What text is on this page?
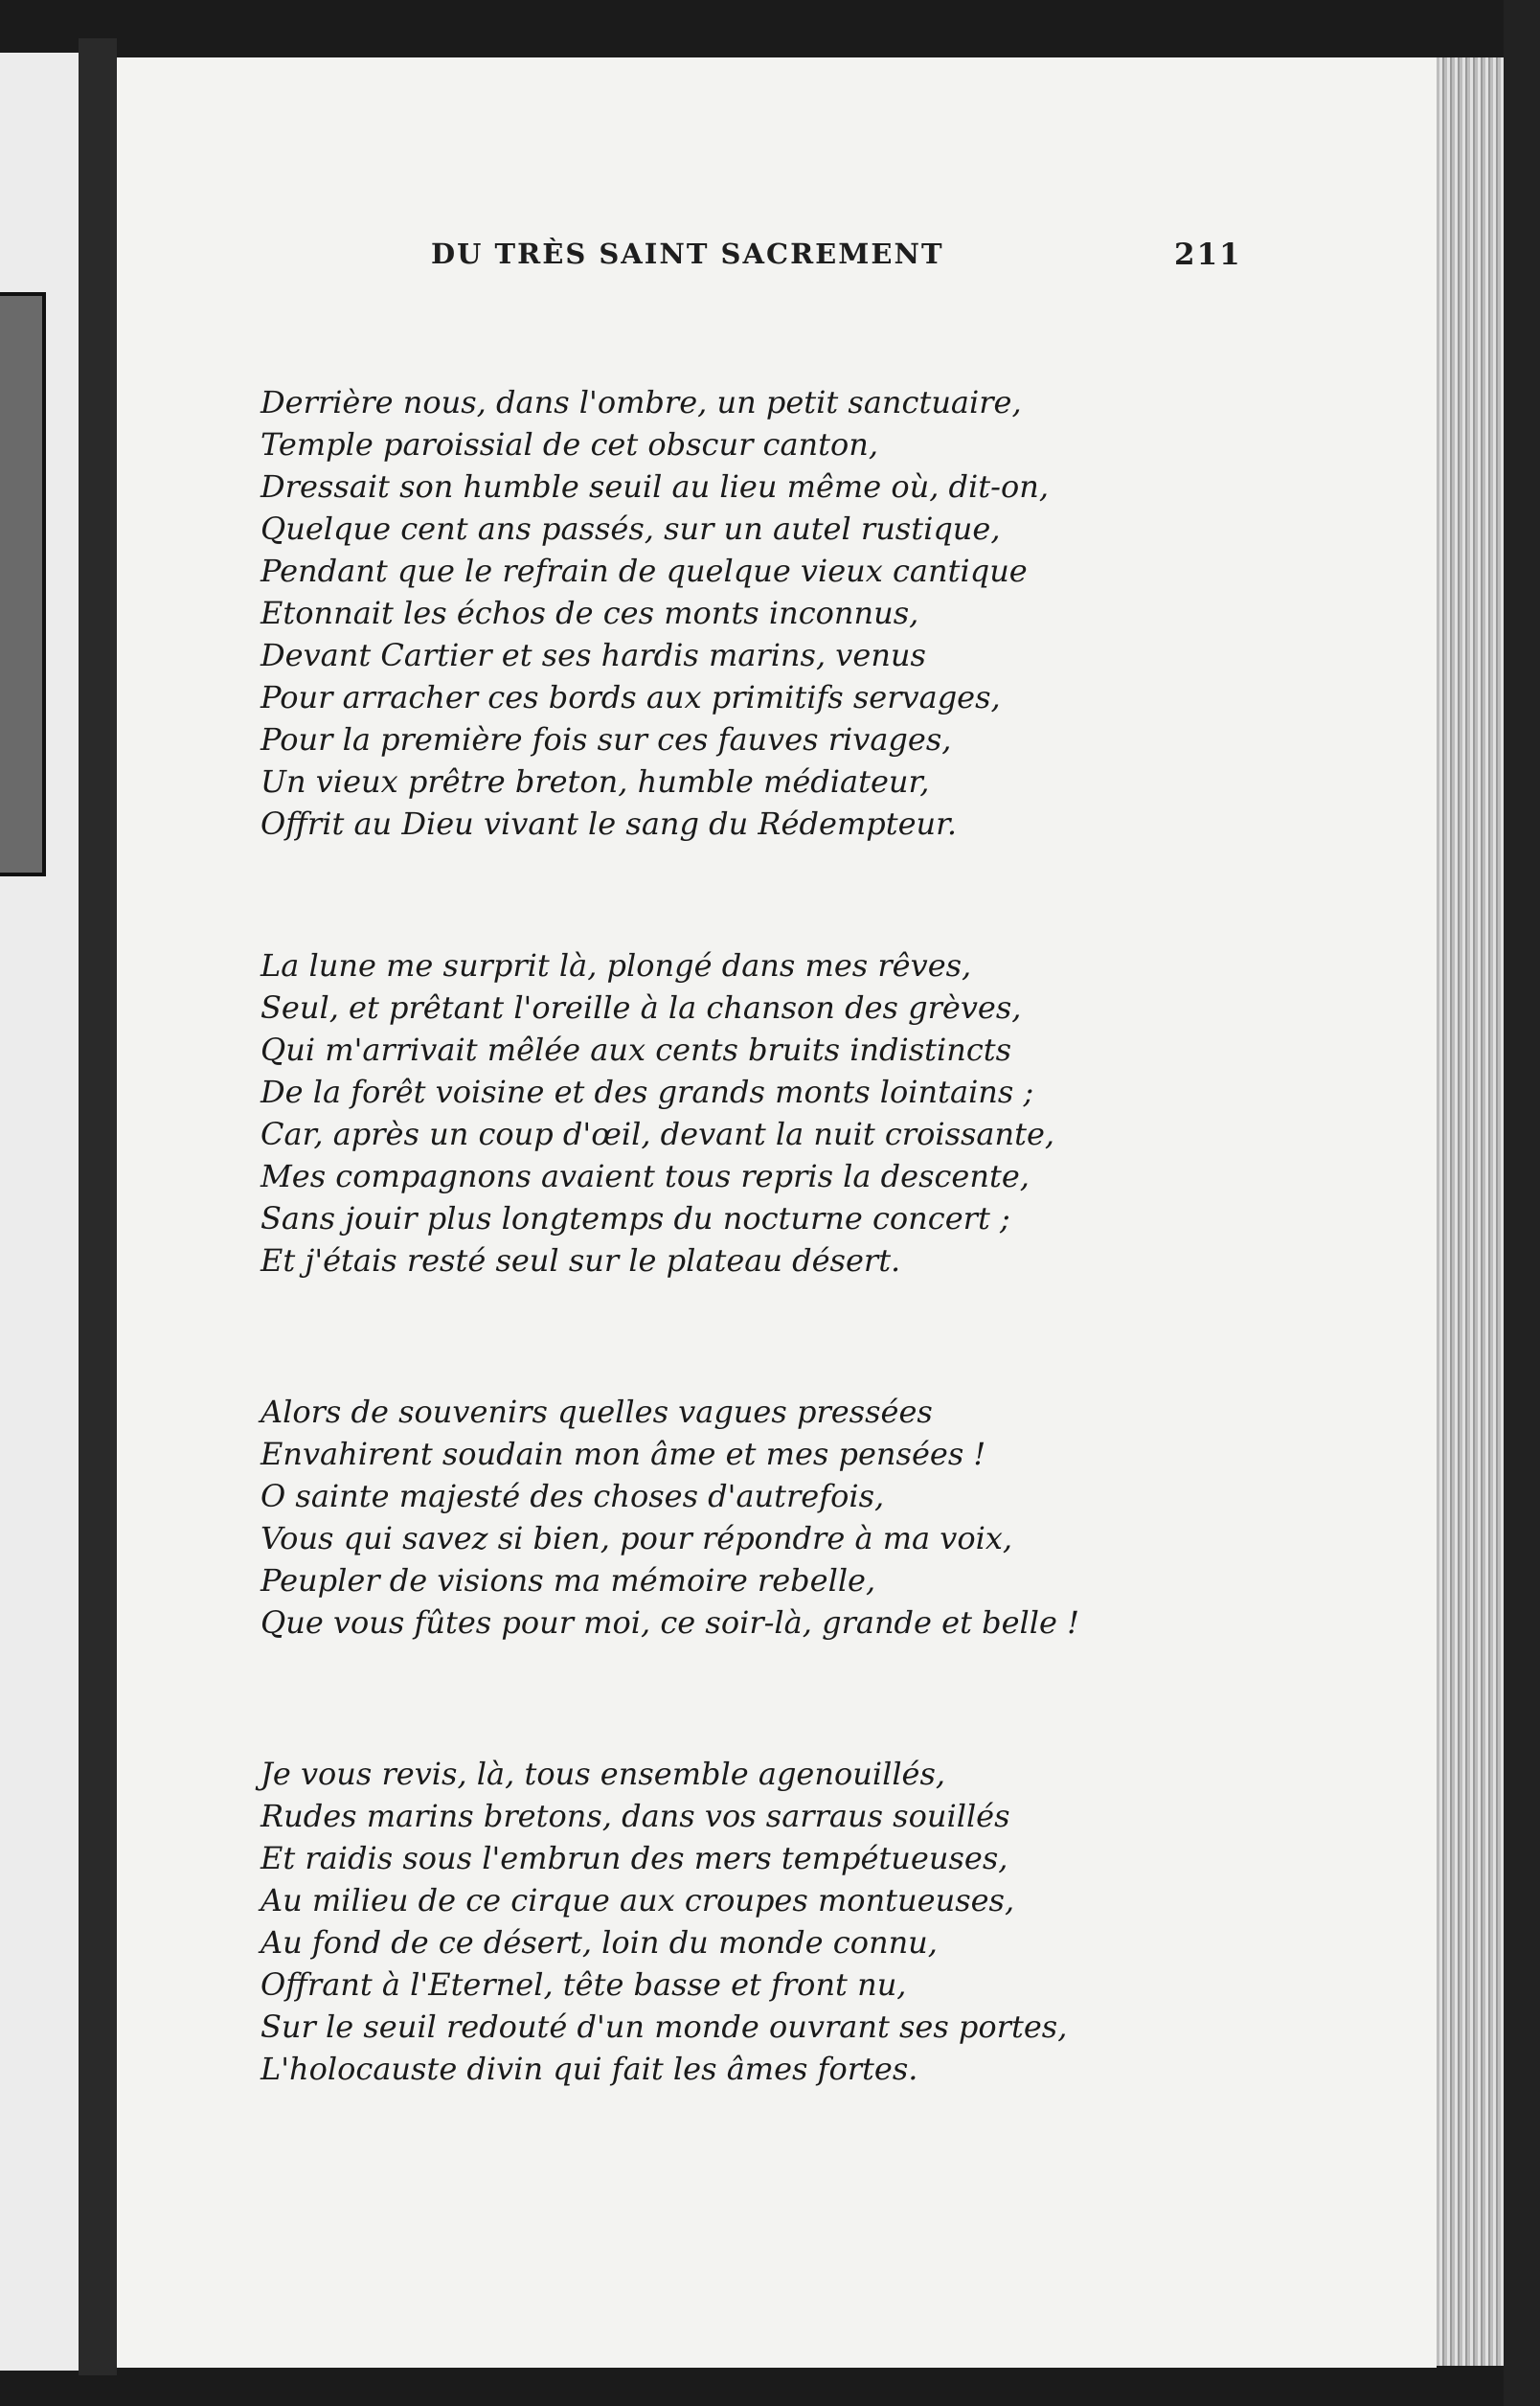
DU TRÈS SAINT SACREMENT	211
Derrière nous, dans l'ombre, un petit sanctuaire,
Temple paroissial de cet obscur canton,
Dressait son humble seuil au lieu même où, dit-on,
Quelque cent ans passés, sur un autel rustique,
Pendant que le refrain de quelque vieux cantique
Etonnait les échos de ces monts inconnus,
Devant Cartier et ses hardis marins, venus
Pour arracher ces bords aux primitifs servages,
Pour la première fois sur ces fauves rivages,
Un vieux prêtre breton, humble médiateur,
Offrit au Dieu vivant le sang du Rédempteur.
La lune me surprit là, plongé dans mes rêves,
Seul, et prêtant l'oreille à la chanson des grèves,
Qui m'arrivait mêlée aux cents bruits indistincts
De la forêt voisine et des grands monts lointains ;
Car, après un coup d'œil, devant la nuit croissante,
Mes compagnons avaient tous repris la descente,
Sans jouir plus longtemps du nocturne concert ;
Et j'étais resté seul sur le plateau désert.
Alors de souvenirs quelles vagues pressées
Envahirent soudain mon âme et mes pensées !
O sainte majesté des choses d'autrefois,
Vous qui savez si bien, pour répondre à ma voix,
Peupler de visions ma mémoire rebelle,
Que vous fûtes pour moi, ce soir-là, grande et belle !
Je vous revis, là, tous ensemble agenouillés,
Rudes marins bretons, dans vos sarraus souillés
Et raidis sous l'embrun des mers tempétueuses,
Au milieu de ce cirque aux croupes montueuses,
Au fond de ce désert, loin du monde connu,
Offrant à l'Eternel, tête basse et front nu,
Sur le seuil redouté d'un monde ouvrant ses portes,
L'holocauste divin qui fait les âmes fortes.
